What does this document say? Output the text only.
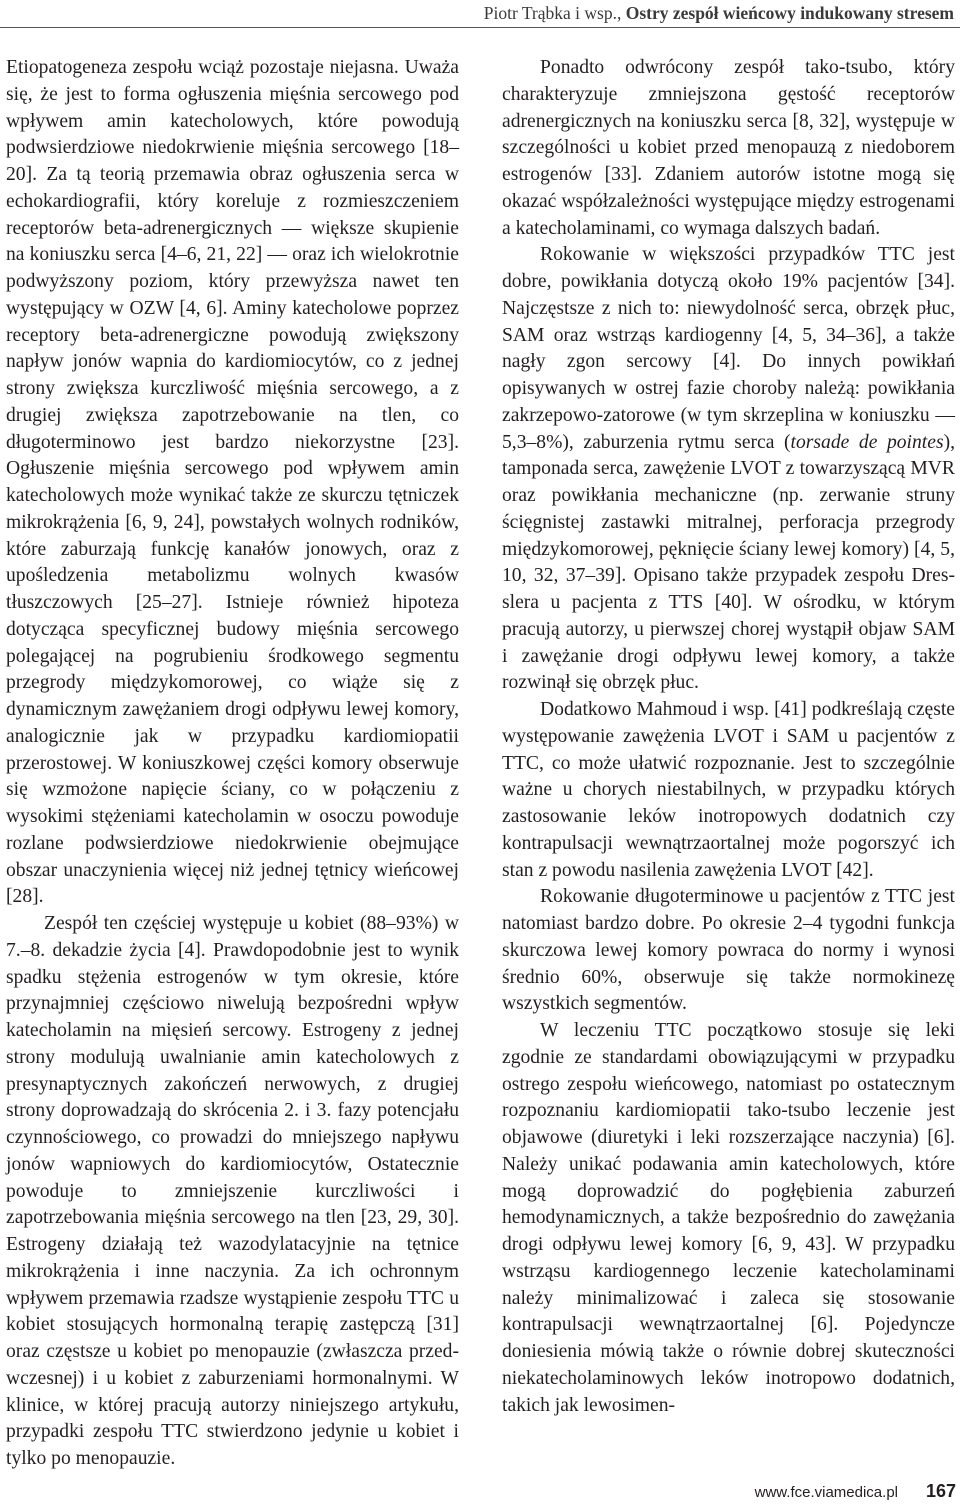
Piotr Trąbka i wsp., Ostry zespół wieńcowy indukowany stresem

Etiopatogeneza zespołu wciąż pozostaje niejasna. Uważa się, że jest to forma ogłuszenia mięśnia sercowego pod wpływem amin katecholowych, które powodują podwsierdziowe niedokrwienie mięśnia sercowego [18–20]. Za tą teorią przemawia obraz ogłuszenia serca w echokardiografii, który koreluje z rozmieszczeniem receptorów beta-adrenergicznych — większe skupienie na koniuszku serca [4–6, 21, 22] — oraz ich wielokrotnie podwyższony poziom, który przewyższa nawet ten występujący w OZW [4, 6]. Aminy katecholowe poprzez receptory beta-adrenergiczne powodują zwiększony napływ jonów wapnia do kardiomiocytów, co z jednej strony zwiększa kurczliwość mięśnia sercowego, a z drugiej zwiększa zapotrzebowanie na tlen, co długoterminowo jest bardzo niekorzystne [23]. Ogłuszenie mięśnia sercowego pod wpływem amin katecholowych może wynikać także ze skurczu tętniczek mikrokrążenia [6, 9, 24], powstałych wolnych rodników, które zaburzają funkcję kanałów jonowych, oraz z upośledzenia metabolizmu wolnych kwasów tłuszczowych [25–27]. Istnieje również hipoteza dotycząca specyficznej budowy mięśnia sercowego polegającej na pogrubieniu środkowego segmentu przegrody międzykomorowej, co wiąże się z dynamicznym zawężaniem drogi odpływu lewej komory, analogicznie jak w przypadku kardiomiopatii przerostowej. W koniuszkowej części komory obserwuje się wzmożone napięcie ściany, co w połączeniu z wysokimi stężeniami katecholamin w osoczu powoduje rozlane podwsierdziowe niedokrwienie obejmujące obszar unaczynienia więcej niż jednej tętnicy wieńcowej [28].

Zespół ten częściej występuje u kobiet (88–93%) w 7.–8. dekadzie życia [4]. Prawdopodobnie jest to wynik spadku stężenia estrogenów w tym okresie, które przynajmniej częściowo niwelują bezpośredni wpływ katecholamin na mięsień sercowy. Estrogeny z jednej strony modulują uwalnianie amin katecholowych z presynaptycznych zakończeń nerwowych, z drugiej strony doprowadzają do skrócenia 2. i 3. fazy potencjału czynnościowego, co prowadzi do mniejszego napływu jonów wapniowych do kardiomiocytów, Ostatecznie powoduje to zmniejszenie kurczliwości i zapotrzebowania mięśnia sercowego na tlen [23, 29, 30]. Estrogeny działają też wazodylatacyjnie na tętnice mikrokrążenia i inne naczynia. Za ich ochronnym wpływem przemawia rzadsze wystąpienie zespołu TTC u kobiet stosujących hormonalną terapię zastępczą [31] oraz częstsze u kobiet po menopauzie (zwłaszcza przedwczesnej) i u kobiet z zaburzeniami hormonalnymi. W klinice, w której pracują autorzy niniejszego artykułu, przypadki zespołu TTC stwierdzono jedynie u kobiet i tylko po menopauzie.

Ponadto odwrócony zespół tako-tsubo, który charakteryzuje zmniejszona gęstość receptorów adrenergicznych na koniuszku serca [8, 32], występuje w szczególności u kobiet przed menopauzą z niedoborem estrogenów [33]. Zdaniem autorów istotne mogą się okazać współzależności występujące między estrogenami a katecholaminami, co wymaga dalszych badań.

Rokowanie w większości przypadków TTC jest dobre, powikłania dotyczą około 19% pacjentów [34]. Najczęstsze z nich to: niewydolność serca, obrzęk płuc, SAM oraz wstrząs kardiogenny [4, 5, 34–36], a także nagły zgon sercowy [4]. Do innych powikłań opisywanych w ostrej fazie choroby należą: powikłania zakrzepowo-zatorowe (w tym skrzeplina w koniuszku — 5,3–8%), zaburzenia rytmu serca (torsade de pointes), tamponada serca, zawężenie LVOT z towarzyszącą MVR oraz powikłania mechaniczne (np. zerwanie struny ścięgnistej zastawki mitralnej, perforacja przegrody międzykomorowej, pęknięcie ściany lewej komory) [4, 5, 10, 32, 37–39]. Opisano także przypadek zespołu Dresslera u pacjenta z TTS [40]. W ośrodku, w którym pracują autorzy, u pierwszej chorej wystąpił objaw SAM i zawężanie drogi odpływu lewej komory, a także rozwinął się obrzęk płuc.

Dodatkowo Mahmoud i wsp. [41] podkreślają częste występowanie zawężenia LVOT i SAM u pacjentów z TTC, co może ułatwić rozpoznanie. Jest to szczególnie ważne u chorych niestabilnych, w przypadku których zastosowanie leków inotropowych dodatnich czy kontrapulsacji wewnątrzaortalnej może pogorszyć ich stan z powodu nasilenia zawężenia LVOT [42].

Rokowanie długoterminowe u pacjentów z TTC jest natomiast bardzo dobre. Po okresie 2–4 tygodni funkcja skurczowa lewej komory powraca do normy i wynosi średnio 60%, obserwuje się także normokinezę wszystkich segmentów.

W leczeniu TTC początkowo stosuje się leki zgodnie ze standardami obowiązującymi w przypadku ostrego zespołu wieńcowego, natomiast po ostatecznym rozpoznaniu kardiomiopatii tako-tsubo leczenie jest objawowe (diuretyki i leki rozszerzające naczynia) [6]. Należy unikać podawania amin katecholowych, które mogą doprowadzić do pogłębienia zaburzeń hemodynamicznych, a także bezpośrednio do zawężania drogi odpływu lewej komory [6, 9, 43]. W przypadku wstrząsu kardiogennego leczenie katecholaminami należy minimalizować i zaleca się stosowanie kontrapulsacji wewnątrzaortalnej [6]. Pojedyncze doniesienia mówią także o równie dobrej skuteczności niekatecholaminowych leków inotropowo dodatnich, takich jak lewosimen-

www.fce.viamedica.pl 167
